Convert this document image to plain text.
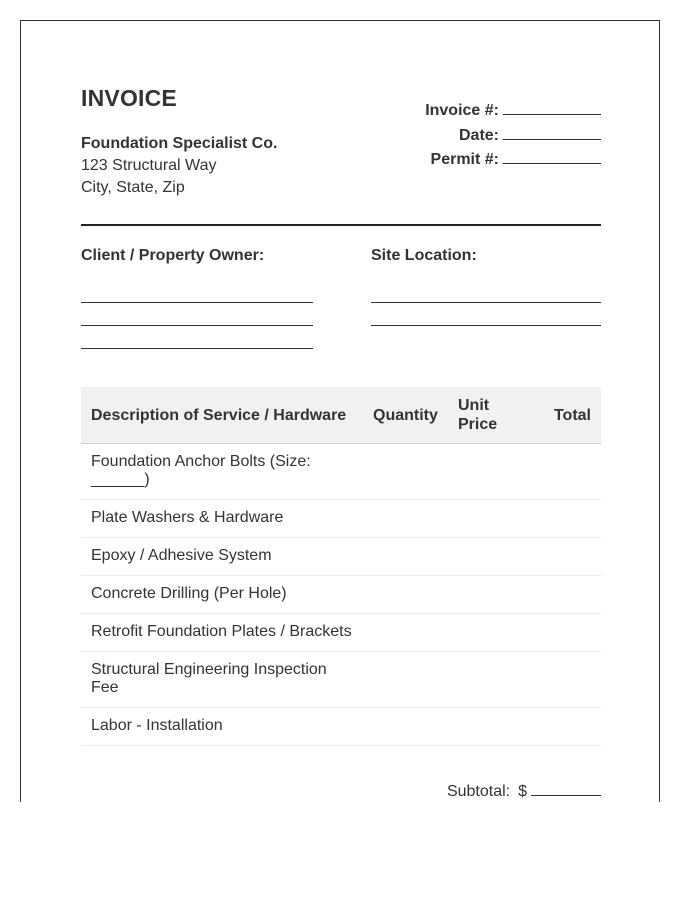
INVOICE
Foundation Specialist Co.
123 Structural Way
City, State, Zip
Invoice #:
Date:
Permit #:
Client / Property Owner:	Site Location:
Description of Service / Hardware	Quantity	Unit Price	Total
Foundation Anchor Bolts (Size: ______)			
Plate Washers & Hardware			
Epoxy / Adhesive System			
Concrete Drilling (Per Hole)			
Retrofit Foundation Plates / Brackets			
Structural Engineering Inspection Fee			
Labor - Installation			
Subtotal: $
